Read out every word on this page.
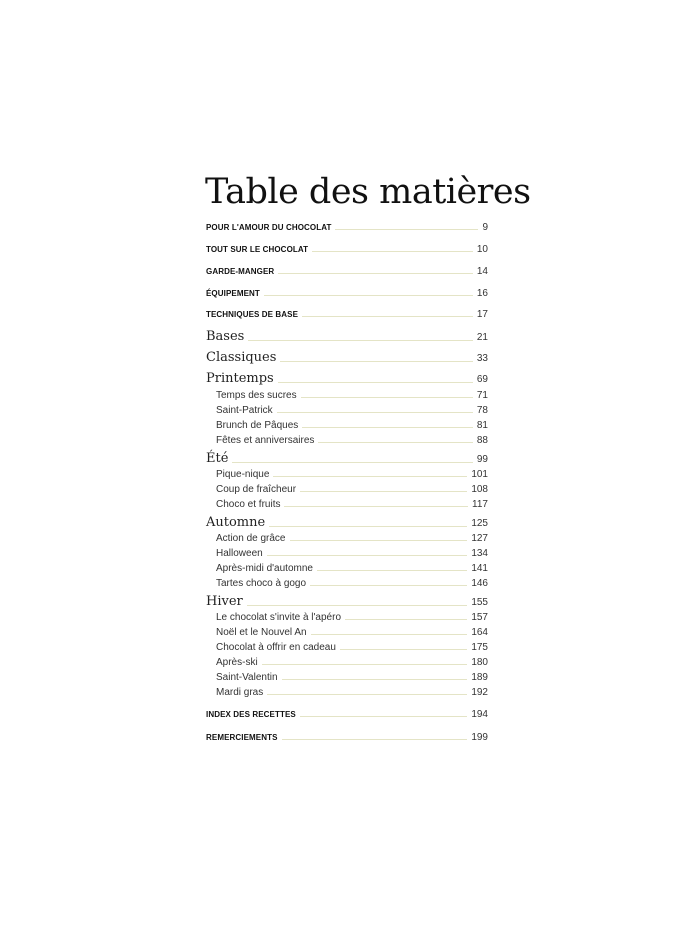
Table des matières
POUR L'AMOUR DU CHOCOLAT	9
TOUT SUR LE CHOCOLAT	10
GARDE-MANGER	14
ÉQUIPEMENT	16
TECHNIQUES DE BASE	17
Bases	21
Classiques	33
Printemps	69
Temps des sucres	71
Saint-Patrick	78
Brunch de Pâques	81
Fêtes et anniversaires	88
Été	99
Pique-nique	101
Coup de fraîcheur	108
Choco et fruits	117
Automne	125
Action de grâce	127
Halloween	134
Après-midi d'automne	141
Tartes choco à gogo	146
Hiver	155
Le chocolat s'invite à l'apéro	157
Noël et le Nouvel An	164
Chocolat à offrir en cadeau	175
Après-ski	180
Saint-Valentin	189
Mardi gras	192
INDEX DES RECETTES	194
REMERCIEMENTS	199
